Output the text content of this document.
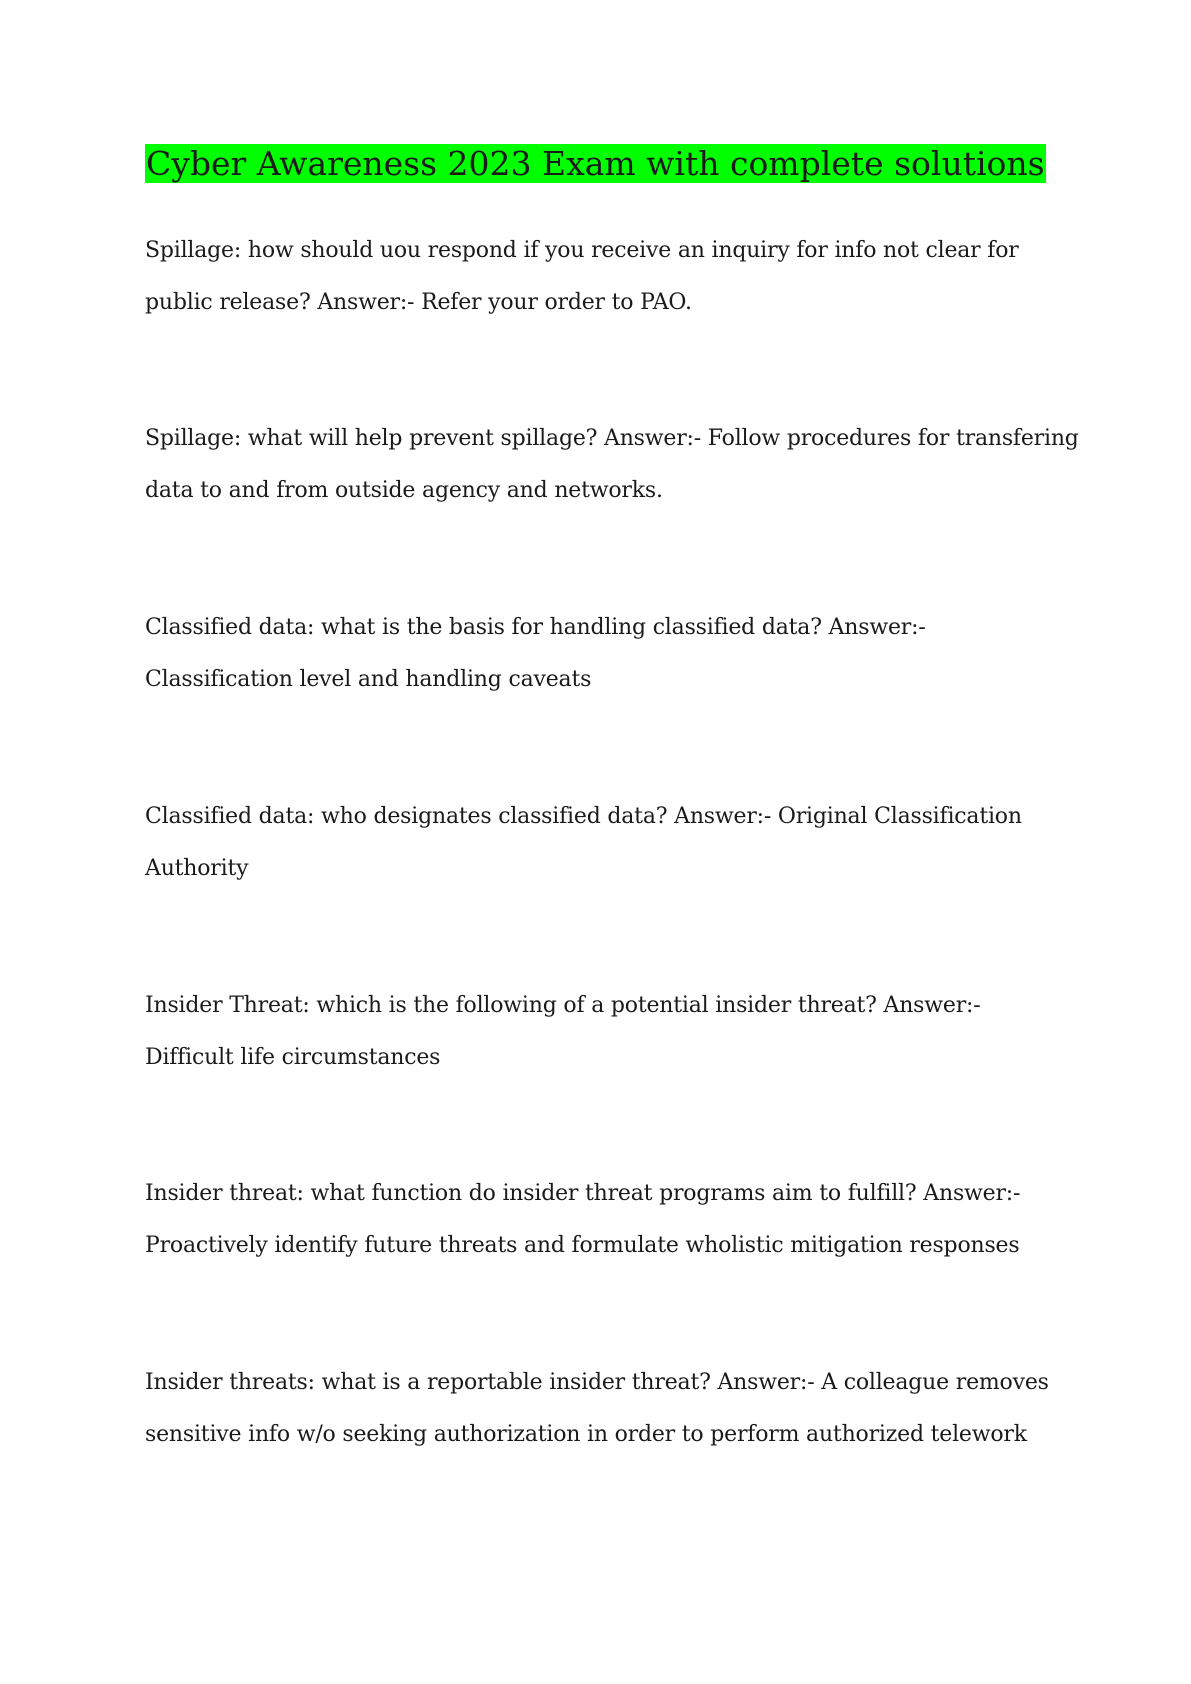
Cyber Awareness 2023 Exam with complete solutions

Spillage: how should uou respond if you receive an inquiry for info not clear for
public release? Answer:- Refer your order to PAO.

Spillage: what will help prevent spillage? Answer:- Follow procedures for transfering
data to and from outside agency and networks.

Classified data: what is the basis for handling classified data? Answer:-
Classification level and handling caveats

Classified data: who designates classified data? Answer:- Original Classification
Authority

Insider Threat: which is the following of a potential insider threat? Answer:-
Difficult life circumstances

Insider threat: what function do insider threat programs aim to fulfill? Answer:-
Proactively identify future threats and formulate wholistic mitigation responses

Insider threats: what is a reportable insider threat? Answer:- A colleague removes
sensitive info w/o seeking authorization in order to perform authorized telework
